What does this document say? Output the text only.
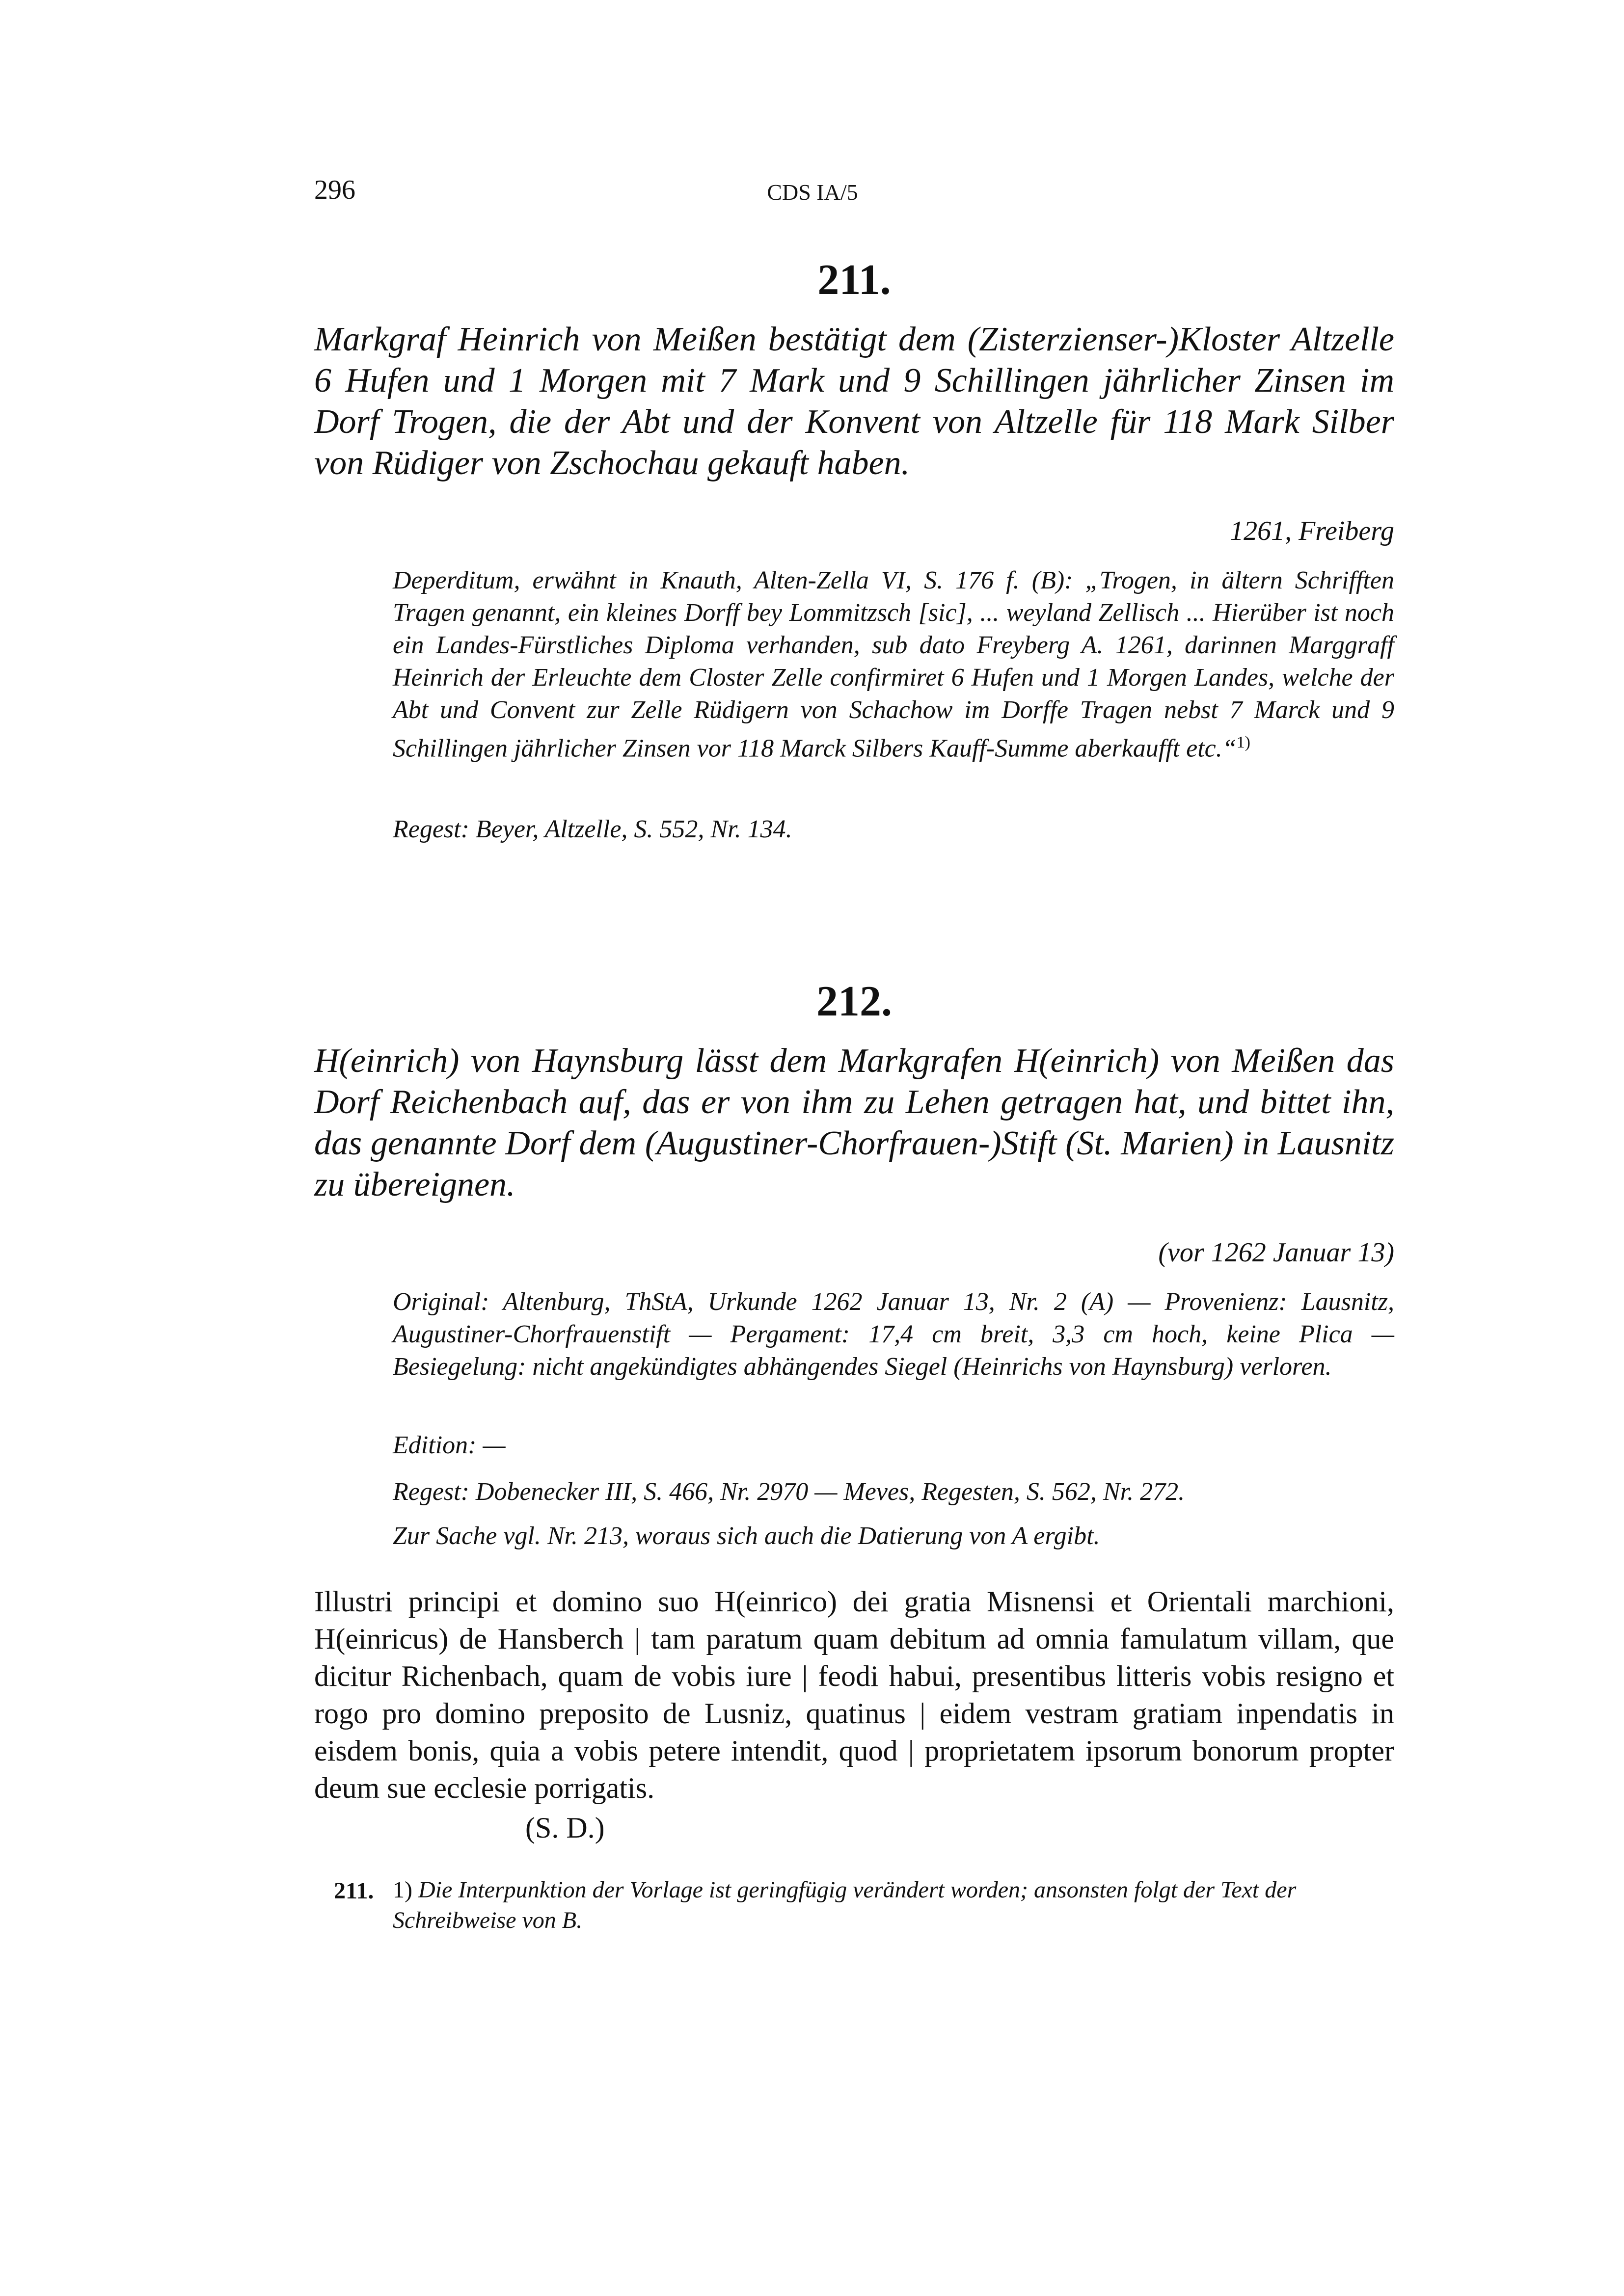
296	CDS IA/5
211.

Markgraf Heinrich von Meißen bestätigt dem (Zisterzienser-)Kloster Altzelle 6 Hufen und 1 Morgen mit 7 Mark und 9 Schillingen jährlicher Zinsen im Dorf Trogen, die der Abt und der Konvent von Altzelle für 118 Mark Silber von Rüdiger von Zschochau gekauft haben.

1261, Freiberg

Deperditum, erwähnt in Knauth, Alten-Zella VI, S. 176 f. (B): „Trogen, in ältern Schrifften Tragen genannt, ein kleines Dorff bey Lommitzsch [sic], ... weyland Zellisch ... Hierüber ist noch ein Landes-Fürstliches Diploma verhanden, sub dato Freyberg A. 1261, darinnen Marggraff Heinrich der Erleuchte dem Closter Zelle confirmiret 6 Hufen und 1 Morgen Landes, welche der Abt und Convent zur Zelle Rüdigern von Schachow im Dorffe Tragen nebst 7 Marck und 9 Schillingen jährlicher Zinsen vor 118 Marck Silbers Kauff-Summe aberkaufft etc.“$^{1)}$

Regest: Beyer, Altzelle, S. 552, Nr. 134.
212.

H(einrich) von Haynsburg lässt dem Markgrafen H(einrich) von Meißen das Dorf Reichenbach auf, das er von ihm zu Lehen getragen hat, und bittet ihn, das genannte Dorf dem (Augustiner-Chorfrauen-)Stift (St. Marien) in Lausnitz zu übereignen.

(vor 1262 Januar 13)

Original: Altenburg, ThStA, Urkunde 1262 Januar 13, Nr. 2 (A) — Provenienz: Lausnitz, Augustiner-Chorfrauenstift — Pergament: 17,4 cm breit, 3,3 cm hoch, keine Plica — Besiegelung: nicht angekündigtes abhängendes Siegel (Heinrichs von Haynsburg) verloren.

Edition: —
Regest: Dobenecker III, S. 466, Nr. 2970 — Meves, Regesten, S. 562, Nr. 272.
Zur Sache vgl. Nr. 213, woraus sich auch die Datierung von A ergibt.

Illustri principi et domino suo H(einrico) dei gratia Misnensi et Orientali marchioni, H(einricus) de Hansberch | tam paratum quam debitum ad omnia famulatum villam, que dicitur Richenbach, quam de vobis iure | feodi habui, presentibus litteris vobis resigno et rogo pro domino preposito de Lusniz, quatinus | eidem vestram gratiam inpendatis in eisdem bonis, quia a vobis petere intendit, quod | proprietatem ipsorum bonorum propter deum sue ecclesie porrigatis.

(S. D.)
211. 1) Die Interpunktion der Vorlage ist geringfügig verändert worden; ansonsten folgt der Text der Schreibweise von B.
